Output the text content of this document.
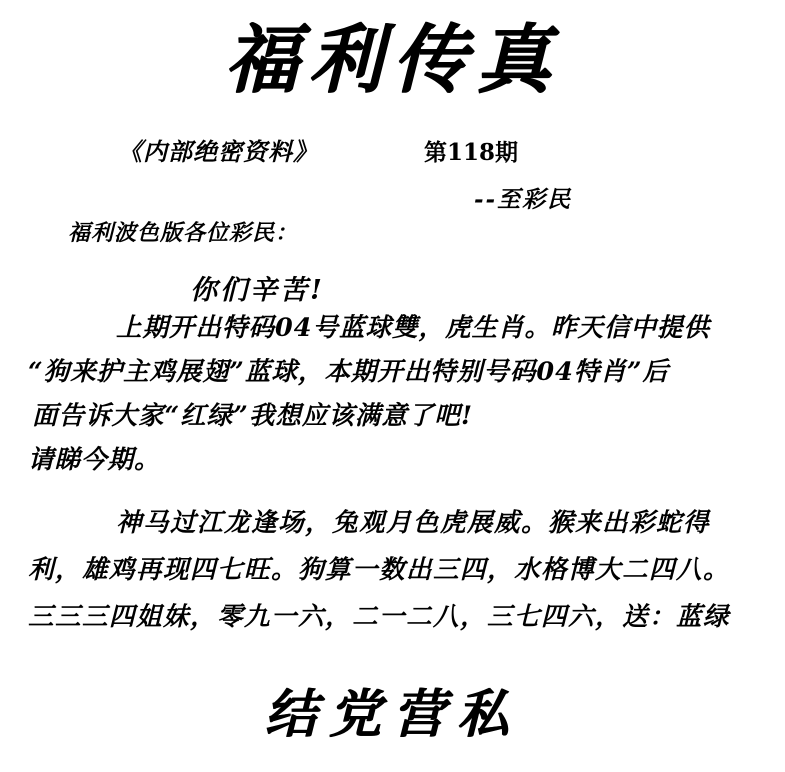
福利传真
《内部绝密资料》	第118期
--至彩民
福利波色版各位彩民：
你们辛苦!
上期开出特码04号蓝球雙，虎生肖。昨天信中提供
“狗来护主鸡展翅”蓝球，本期开出特别号码04特肖”后
面告诉大家“红绿”我想应该满意了吧!
请睇今期。
神马过江龙逢场，兔观月色虎展威。猴来出彩蛇得
利，雄鸡再现四七旺。狗算一数出三四，水格博大二四八。
三三三四姐妹，零九一六，二一二八，三七四六，送：蓝绿
结党营私
